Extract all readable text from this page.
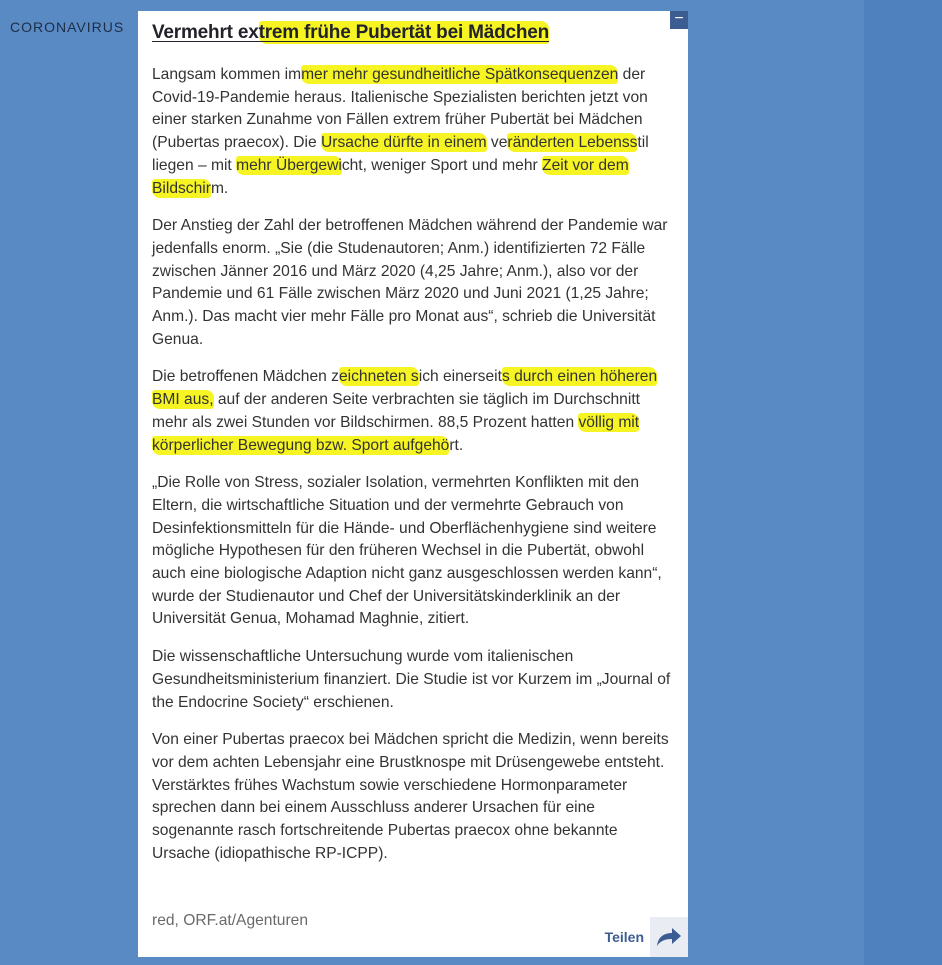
CORONAVIRUS	−
Vermehrt extrem frühe Pubertät bei Mädchen

Langsam kommen immer mehr gesundheitliche Spätkonsequenzen der Covid-19-Pandemie heraus. Italienische Spezialisten berichten jetzt von einer starken Zunahme von Fällen extrem früher Pubertät bei Mädchen (Pubertas praecox). Die Ursache dürfte in einem veränderten Lebensstil liegen – mit mehr Übergewicht, weniger Sport und mehr Zeit vor dem Bildschirm.

Der Anstieg der Zahl der betroffenen Mädchen während der Pandemie war jedenfalls enorm. „Sie (die Studenautoren; Anm.) identifizierten 72 Fälle zwischen Jänner 2016 und März 2020 (4,25 Jahre; Anm.), also vor der Pandemie und 61 Fälle zwischen März 2020 und Juni 2021 (1,25 Jahre; Anm.). Das macht vier mehr Fälle pro Monat aus“, schrieb die Universität Genua.

Die betroffenen Mädchen zeichneten sich einerseits durch einen höheren BMI aus, auf der anderen Seite verbrachten sie täglich im Durchschnitt mehr als zwei Stunden vor Bildschirmen. 88,5 Prozent hatten völlig mit körperlicher Bewegung bzw. Sport aufgehört.

„Die Rolle von Stress, sozialer Isolation, vermehrten Konflikten mit den Eltern, die wirtschaftliche Situation und der vermehrte Gebrauch von Desinfektionsmitteln für die Hände- und Oberflächenhygiene sind weitere mögliche Hypothesen für den früheren Wechsel in die Pubertät, obwohl auch eine biologische Adaption nicht ganz ausgeschlossen werden kann“, wurde der Studienautor und Chef der Universitätskinderklinik an der Universität Genua, Mohamad Maghnie, zitiert.

Die wissenschaftliche Untersuchung wurde vom italienischen Gesundheitsministerium finanziert. Die Studie ist vor Kurzem im „Journal of the Endocrine Society“ erschienen.

Von einer Pubertas praecox bei Mädchen spricht die Medizin, wenn bereits vor dem achten Lebensjahr eine Brustknospe mit Drüsengewebe entsteht. Verstärktes frühes Wachstum sowie verschiedene Hormonparameter sprechen dann bei einem Ausschluss anderer Ursachen für eine sogenannte rasch fortschreitende Pubertas praecox ohne bekannte Ursache (idiopathische RP-ICPP).

red, ORF.at/Agenturen
Teilen
